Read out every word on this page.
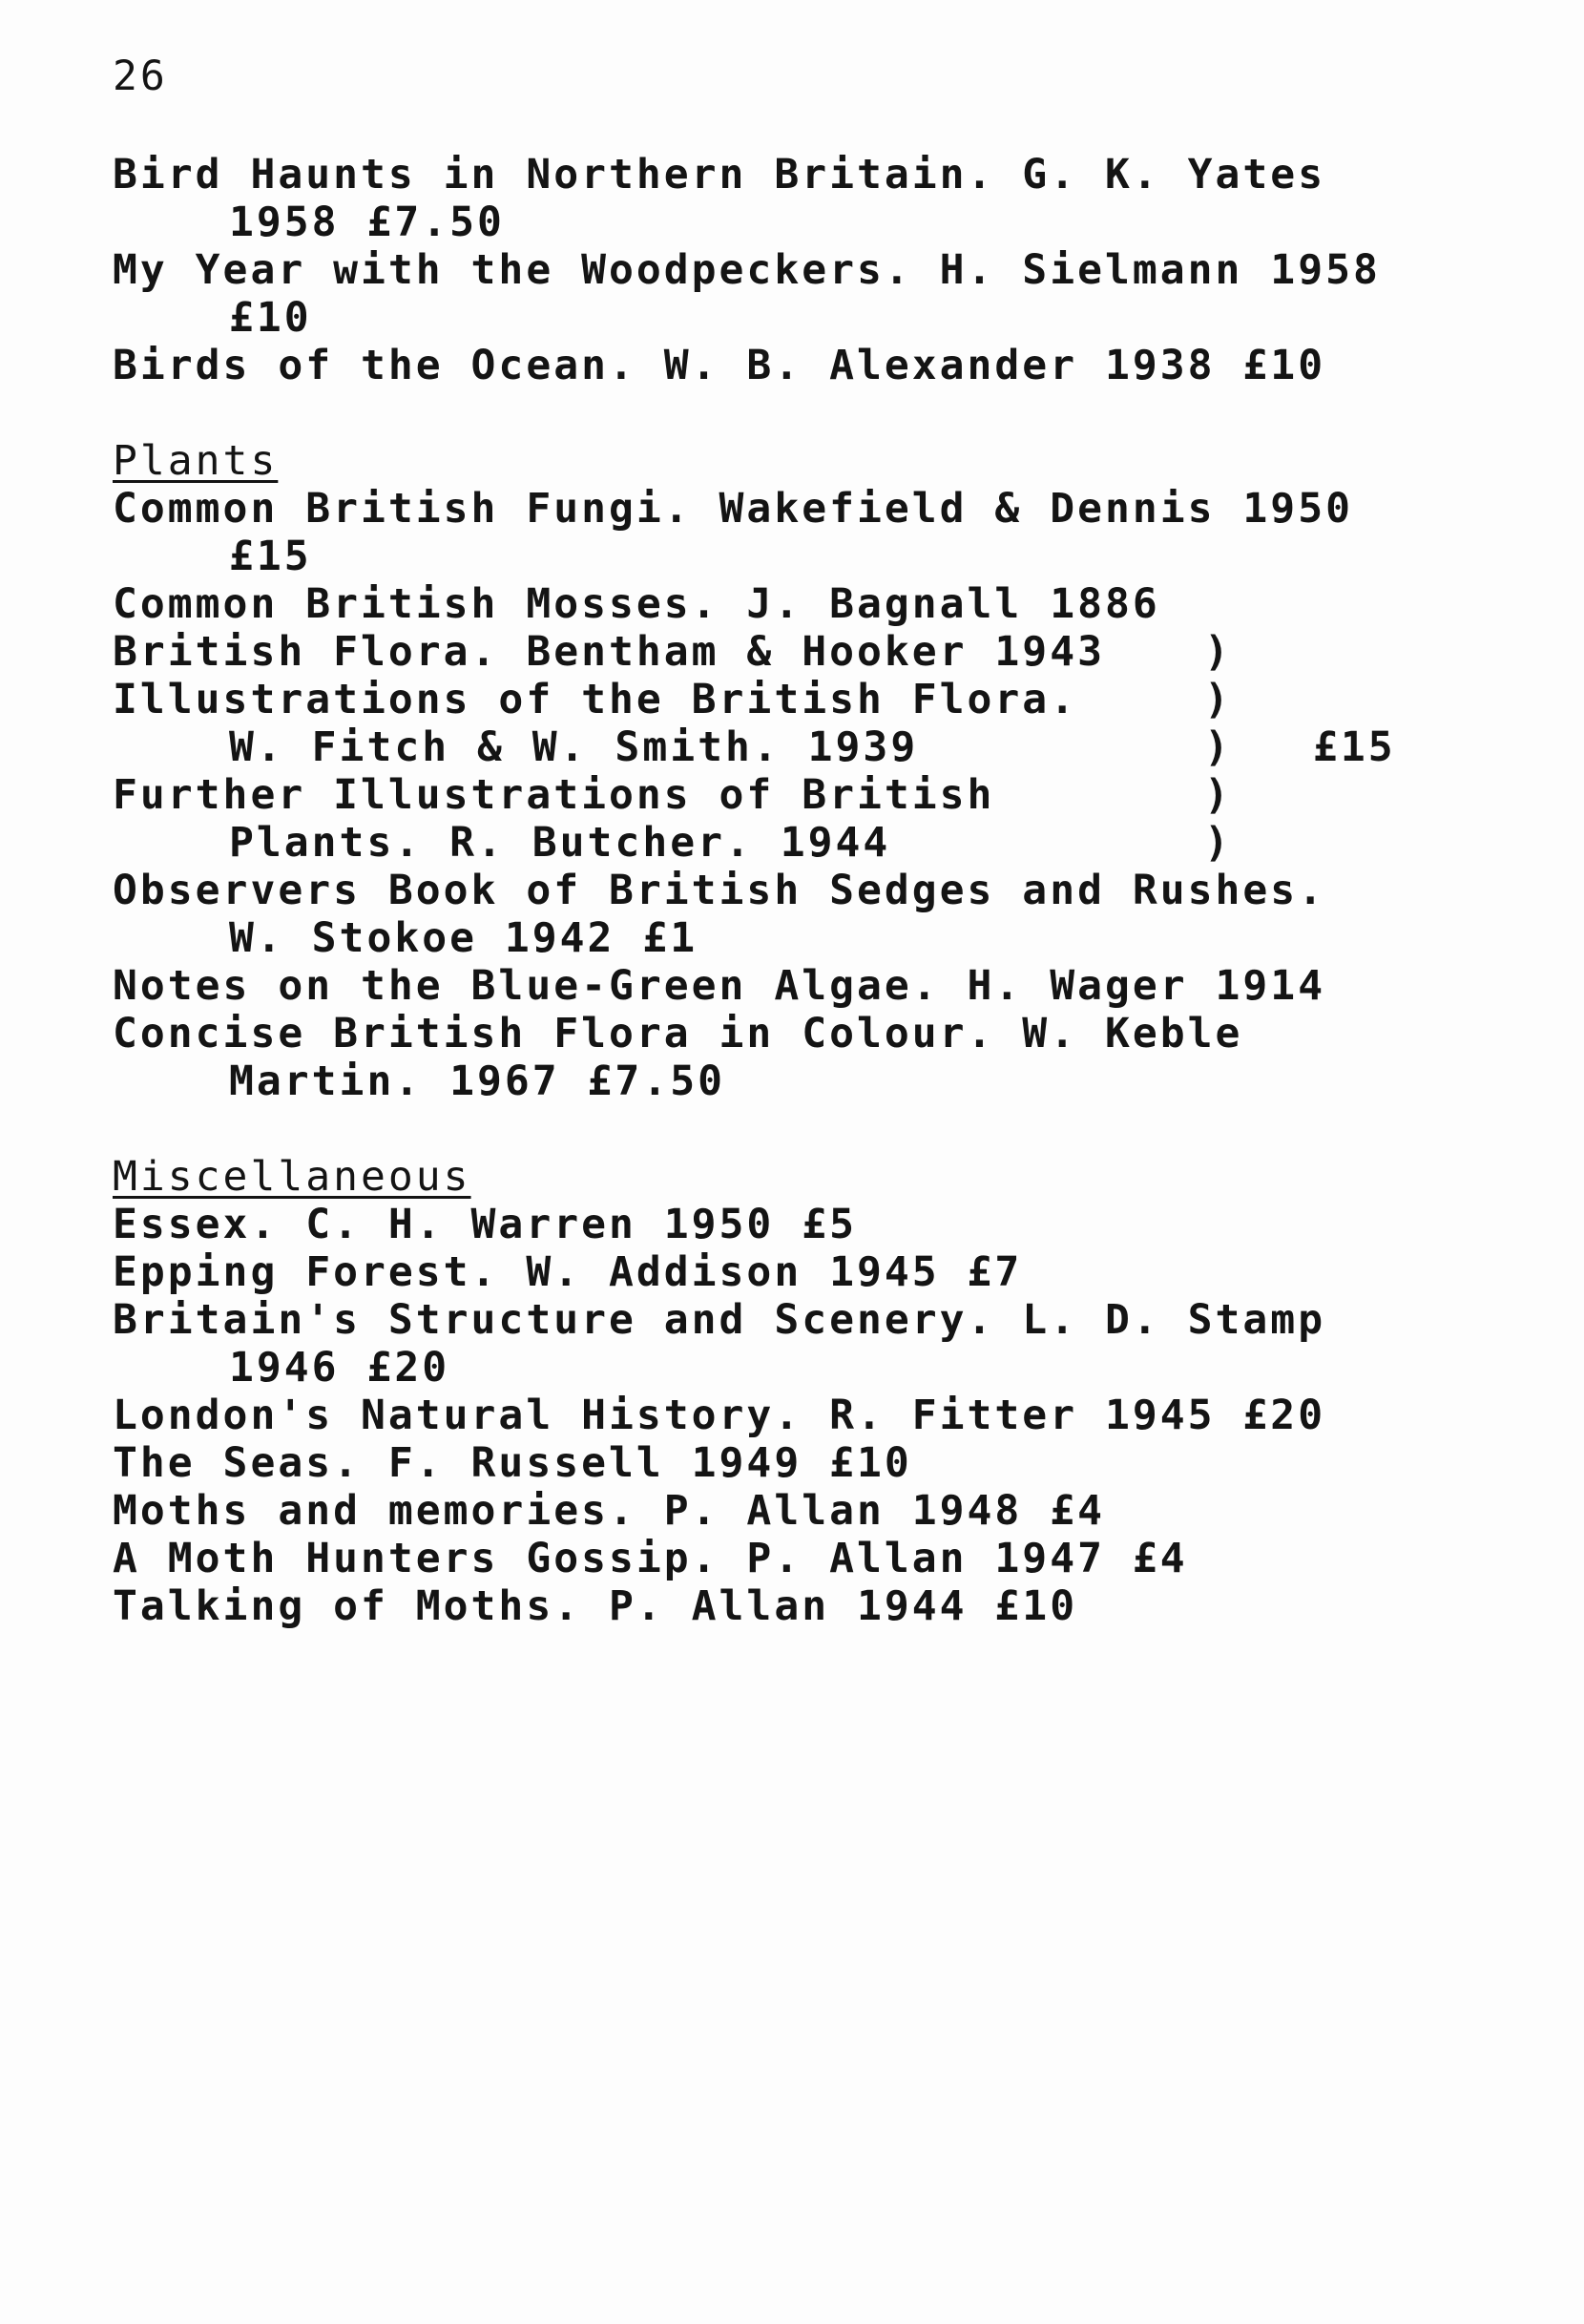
26
Bird Haunts in Northern Britain. G. K. Yates
1958 £7.50
My Year with the Woodpeckers. H. Sielmann 1958
£10
Birds of the Ocean. W. B. Alexander 1938 £10
Plants
Common British Fungi. Wakefield & Dennis 1950
£15
Common British Mosses. J. Bagnall 1886
British Flora. Bentham & Hooker 1943
Illustrations of the British Flora.
W. Fitch & W. Smith. 1939
Further Illustrations of British
Plants. R. Butcher. 1944
)
)
)
)
)
£15
Observers Book of British Sedges and Rushes.
W. Stokoe 1942 £1
Notes on the Blue-Green Algae. H. Wager 1914
Concise British Flora in Colour. W. Keble
Martin. 1967 £7.50
Miscellaneous
Essex. C. H. Warren 1950 £5
Epping Forest. W. Addison 1945 £7
Britain's Structure and Scenery. L. D. Stamp
1946 £20
London's Natural History. R. Fitter 1945 £20
The Seas. F. Russell 1949 £10
Moths and memories. P. Allan 1948 £4
A Moth Hunters Gossip. P. Allan 1947 £4
Talking of Moths. P. Allan 1944 £10
